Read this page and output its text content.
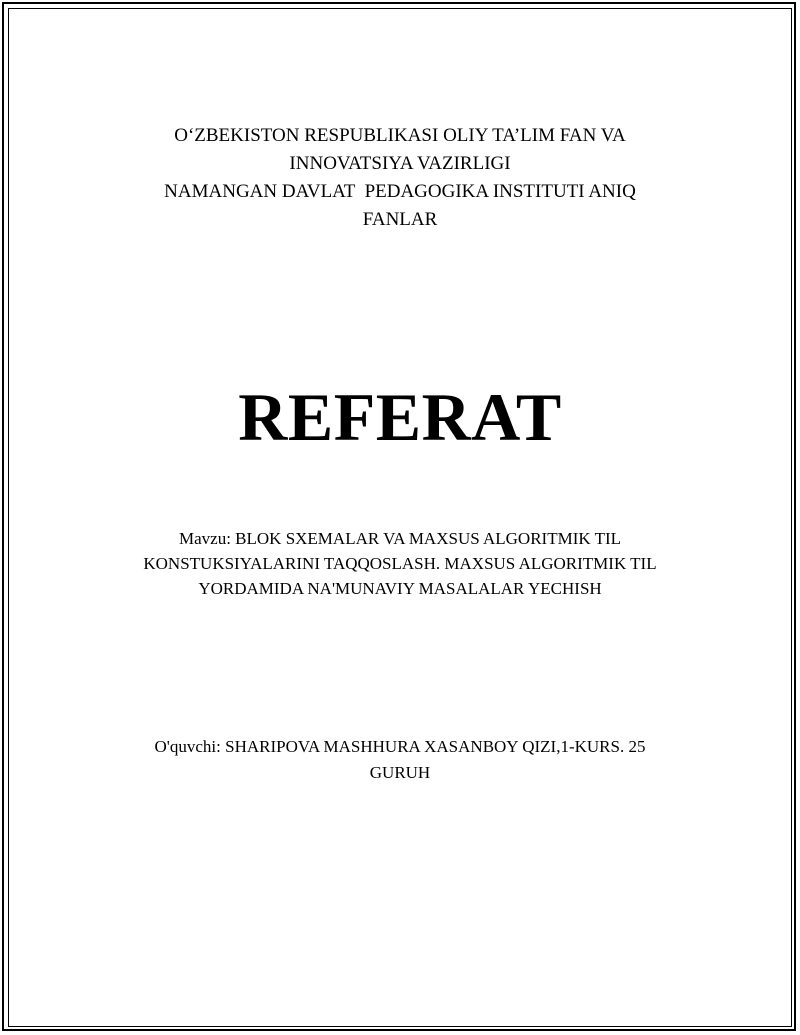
O‘ZBEKISTON RESPUBLIKASI OLIY TA’LIM FAN VA
INNOVATSIYA VAZIRLIGI
NAMANGAN DAVLAT  PEDAGOGIKA INSTITUTI ANIQ
FANLAR
REFERAT
Mavzu: BLOK SXEMALAR VA MAXSUS ALGORITMIK TIL
KONSTUKSIYALARINI TAQQOSLASH. MAXSUS ALGORITMIK TIL
YORDAMIDA NA'MUNAVIY MASALALAR YECHISH
O'quvchi: SHARIPOVA MASHHURA XASANBOY QIZI,1-KURS. 25
GURUH
